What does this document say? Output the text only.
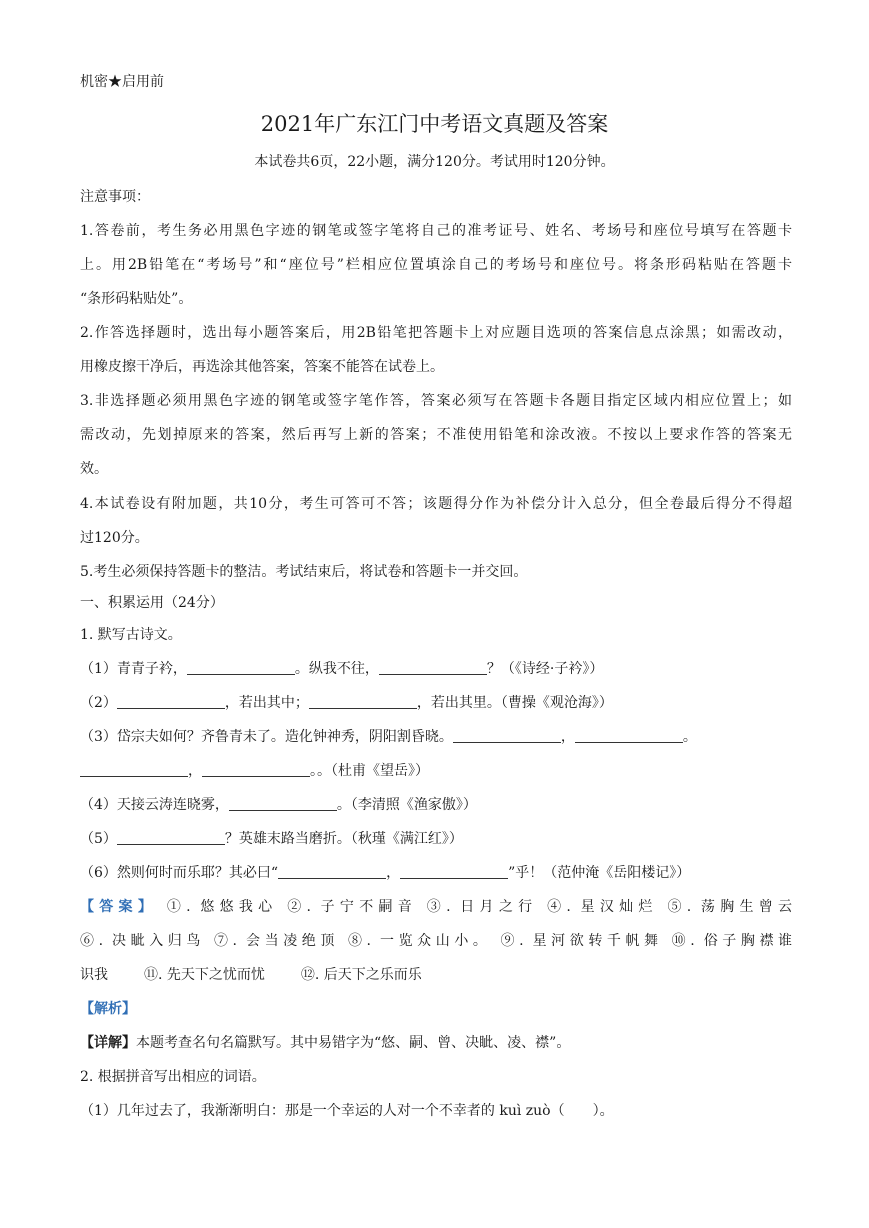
机密★启用前
2021年广东江门中考语文真题及答案
本试卷共6页，22小题，满分120分。考试用时120分钟。
注意事项：
1.答卷前，考生务必用黑色字迹的钢笔或签字笔将自己的准考证号、姓名、考场号和座位号填写在答题卡
上。用2B铅笔在“考场号”和“座位号”栏相应位置填涂自己的考场号和座位号。将条形码粘贴在答题卡
“条形码粘贴处”。
2.作答选择题时，选出每小题答案后，用2B铅笔把答题卡上对应题目选项的答案信息点涂黑；如需改动，
用橡皮擦干净后，再选涂其他答案，答案不能答在试卷上。
3.非选择题必须用黑色字迹的钢笔或签字笔作答，答案必须写在答题卡各题目指定区域内相应位置上；如
需改动，先划掉原来的答案，然后再写上新的答案；不准使用铅笔和涂改液。不按以上要求作答的答案无
效。
4.本试卷设有附加题，共10分，考生可答可不答；该题得分作为补偿分计入总分，但全卷最后得分不得超
过120分。
5.考生必须保持答题卡的整洁。考试结束后，将试卷和答题卡一并交回。
一、积累运用（24分）
1. 默写古诗文。
（1）青青子衿，	。纵我不往，	？（《诗经·子衿》）
（2）	，若出其中；	，若出其里。（曹操《观沧海》）
（3）岱宗夫如何？齐鲁青未了。造化钟神秀，阴阳割昏晓。	，	。
，	。。（杜甫《望岳》）
（4）天接云涛连晓雾，	。（李清照《渔家傲》）
（5）	？英雄末路当磨折。（秋瑾《满江红》）
（6）然则何时而乐耶？其必曰“	，	”乎！（范仲淹《岳阳楼记》）
【答案】 ①. 悠悠我心 ②. 子宁不嗣音 ③. 日月之行 ④. 星汉灿烂 ⑤. 荡胸生曾云
⑥. 决眦入归鸟 ⑦. 会当凌绝顶 ⑧. 一览众山小。 ⑨. 星河欲转千帆舞 ⑩. 俗子胸襟谁
识我	⑪. 先天下之忧而忧	⑫. 后天下之乐而乐
【解析】
【详解】本题考查名句名篇默写。其中易错字为“悠、嗣、曾、决眦、凌、襟”。
2. 根据拼音写出相应的词语。
（1）几年过去了，我渐渐明白：那是一个幸运的人对一个不幸者的 kuì zuò（　　）。
